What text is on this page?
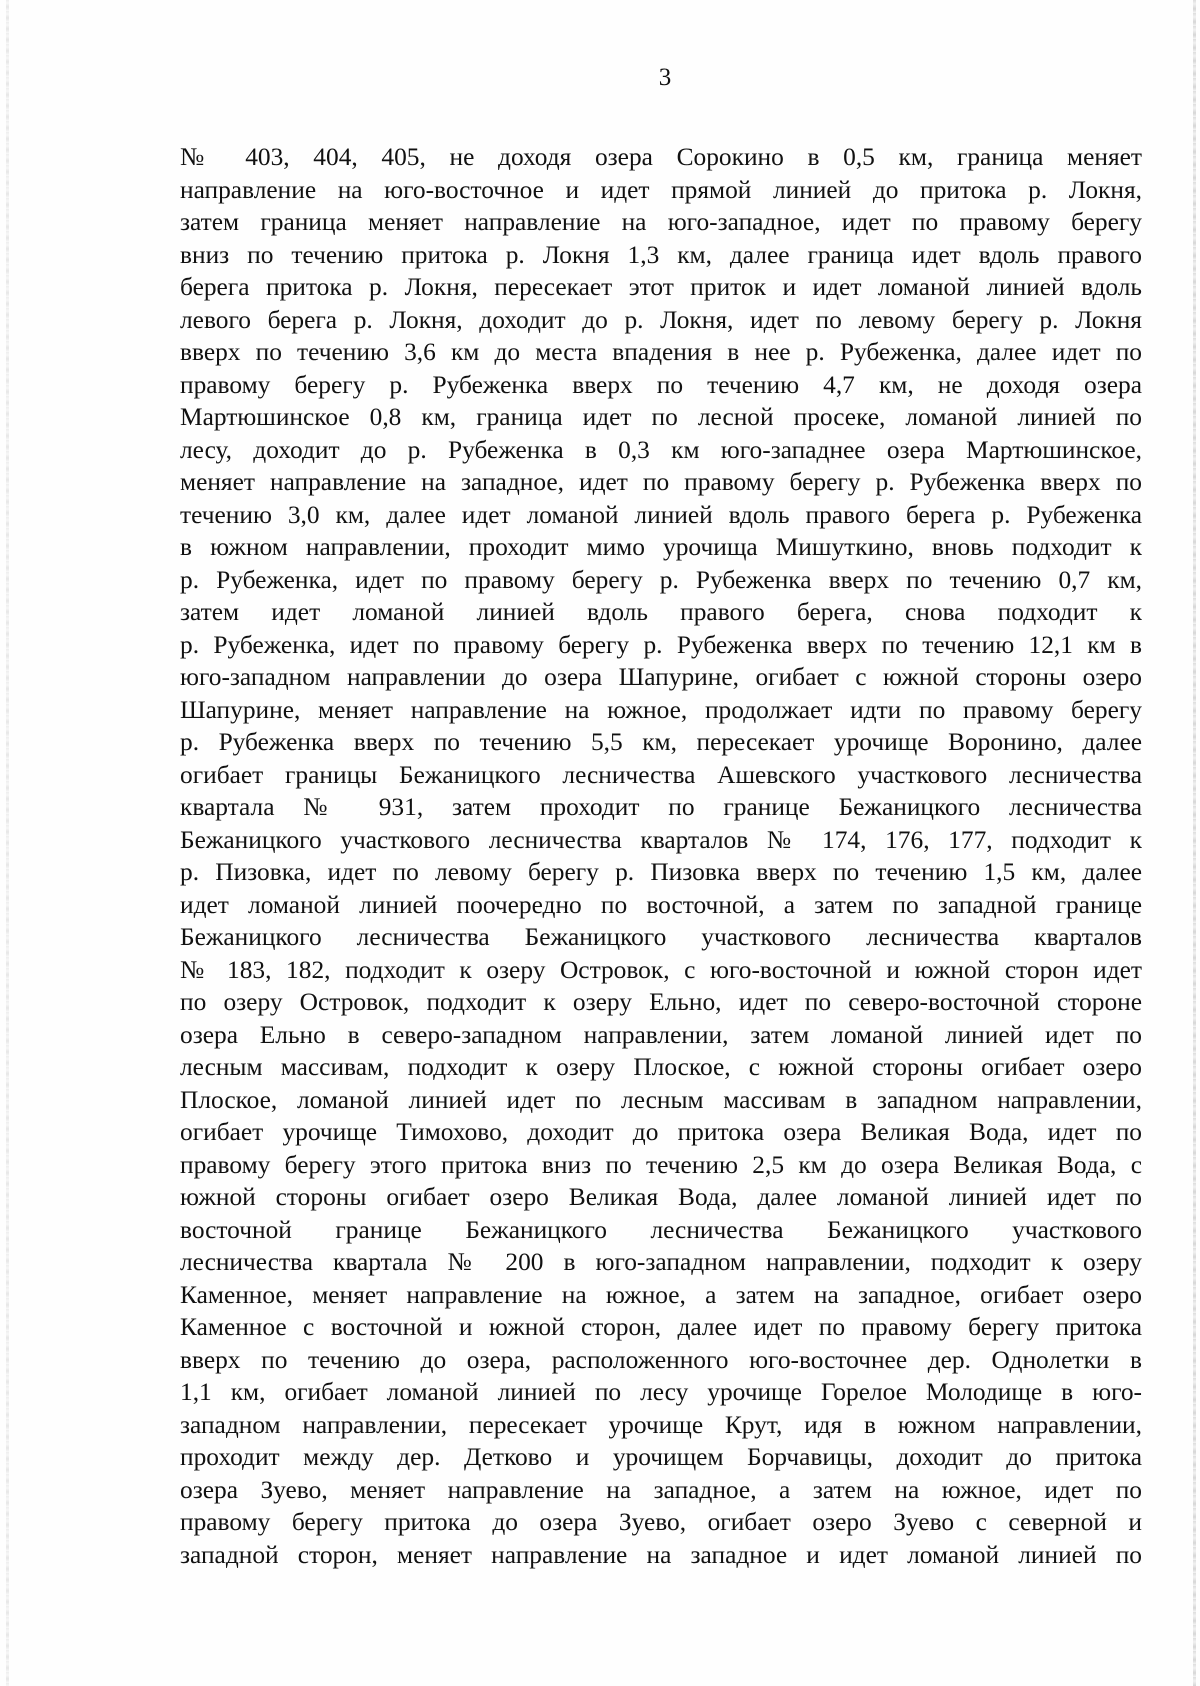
3
№ 403, 404, 405, не доходя озера Сорокино в 0,5 км, граница меняет
направление на юго-восточное и идет прямой линией до притока р. Локня,
затем граница меняет направление на юго-западное, идет по правому берегу
вниз по течению притока р. Локня 1,3 км, далее граница идет вдоль правого
берега притока р. Локня, пересекает этот приток и идет ломаной линией вдоль
левого берега р. Локня, доходит до р. Локня, идет по левому берегу р. Локня
вверх по течению 3,6 км до места впадения в нее р. Рубеженка, далее идет по
правому берегу р. Рубеженка вверх по течению 4,7 км, не доходя озера
Мартюшинское 0,8 км, граница идет по лесной просеке, ломаной линией по
лесу, доходит до р. Рубеженка в 0,3 км юго-западнее озера Мартюшинское,
меняет направление на западное, идет по правому берегу р. Рубеженка вверх по
течению 3,0 км, далее идет ломаной линией вдоль правого берега р. Рубеженка
в южном направлении, проходит мимо урочища Мишуткино, вновь подходит к
р. Рубеженка, идет по правому берегу р. Рубеженка вверх по течению 0,7 км,
затем идет ломаной линией вдоль правого берега, снова подходит к
р. Рубеженка, идет по правому берегу р. Рубеженка вверх по течению 12,1 км в
юго-западном направлении до озера Шапурине, огибает с южной стороны озеро
Шапурине, меняет направление на южное, продолжает идти по правому берегу
р. Рубеженка вверх по течению 5,5 км, пересекает урочище Воронино, далее
огибает границы Бежаницкого лесничества Ашевского участкового лесничества
квартала № 931, затем проходит по границе Бежаницкого лесничества
Бежаницкого участкового лесничества кварталов № 174, 176, 177, подходит к
р. Пизовка, идет по левому берегу р. Пизовка вверх по течению 1,5 км, далее
идет ломаной линией поочередно по восточной, а затем по западной границе
Бежаницкого лесничества Бежаницкого участкового лесничества кварталов
№ 183, 182, подходит к озеру Островок, с юго-восточной и южной сторон идет
по озеру Островок, подходит к озеру Ельно, идет по северо-восточной стороне
озера Ельно в северо-западном направлении, затем ломаной линией идет по
лесным массивам, подходит к озеру Плоское, с южной стороны огибает озеро
Плоское, ломаной линией идет по лесным массивам в западном направлении,
огибает урочище Тимохово, доходит до притока озера Великая Вода, идет по
правому берегу этого притока вниз по течению 2,5 км до озера Великая Вода, с
южной стороны огибает озеро Великая Вода, далее ломаной линией идет по
восточной границе Бежаницкого лесничества Бежаницкого участкового
лесничества квартала № 200 в юго-западном направлении, подходит к озеру
Каменное, меняет направление на южное, а затем на западное, огибает озеро
Каменное с восточной и южной сторон, далее идет по правому берегу притока
вверх по течению до озера, расположенного юго-восточнее дер. Однолетки в
1,1 км, огибает ломаной линией по лесу урочище Горелое Молодище в юго-
западном направлении, пересекает урочище Крут, идя в южном направлении,
проходит между дер. Детково и урочищем Борчавицы, доходит до притока
озера Зуево, меняет направление на западное, а затем на южное, идет по
правому берегу притока до озера Зуево, огибает озеро Зуево с северной и
западной сторон, меняет направление на западное и идет ломаной линией по
